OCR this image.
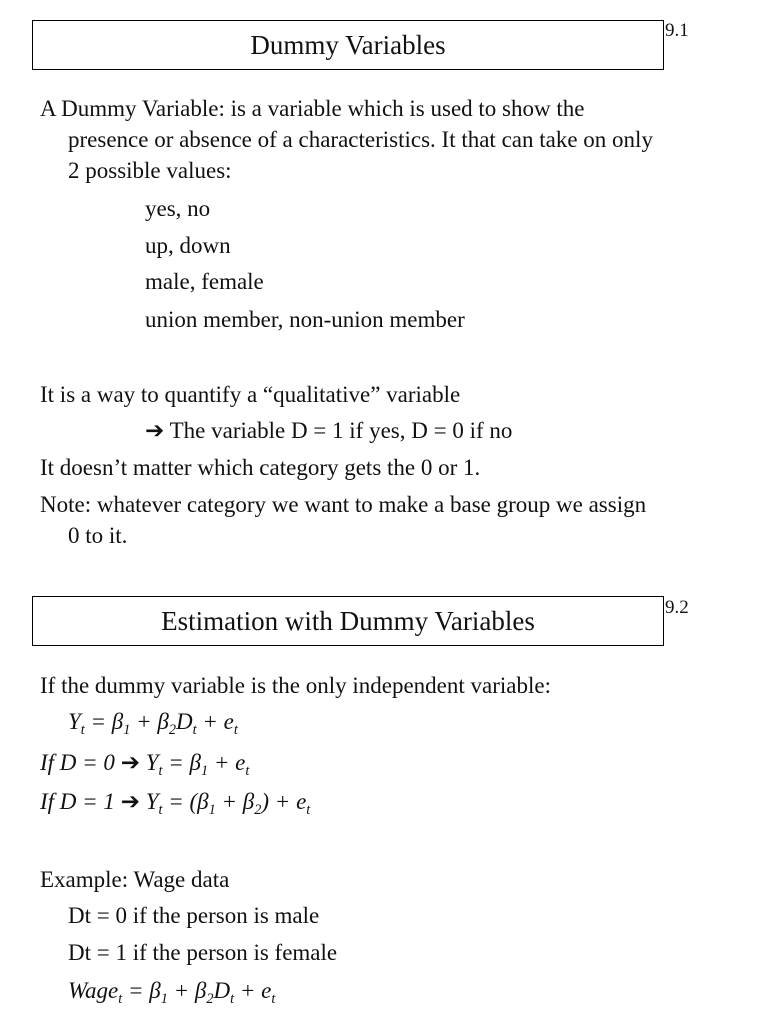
Dummy Variables	9.1
A Dummy Variable: is a variable which is used to show the
presence or absence of a characteristics. It that can take on only
2 possible values:
yes, no
up, down
male, female
union member, non-union member
It is a way to quantify a “qualitative” variable
➔ The variable D = 1 if yes, D = 0 if no
It doesn’t matter which category gets the 0 or 1.
Note: whatever category we want to make a base group we assign
0 to it.
Estimation with Dummy Variables	9.2
If the dummy variable is the only independent variable:
$Y_t = \beta_1 + \beta_2D_t + e_t$
If D = 0 ➔ $Y_t = \beta_1 + e_t$
If D = 1 ➔ $Y_t = (\beta_1 + \beta_2) + e_t$
Example: Wage data
Dt = 0 if the person is male
Dt = 1 if the person is female
Wage$_t$ = $\beta_1 + \beta_2D_t + e_t$
